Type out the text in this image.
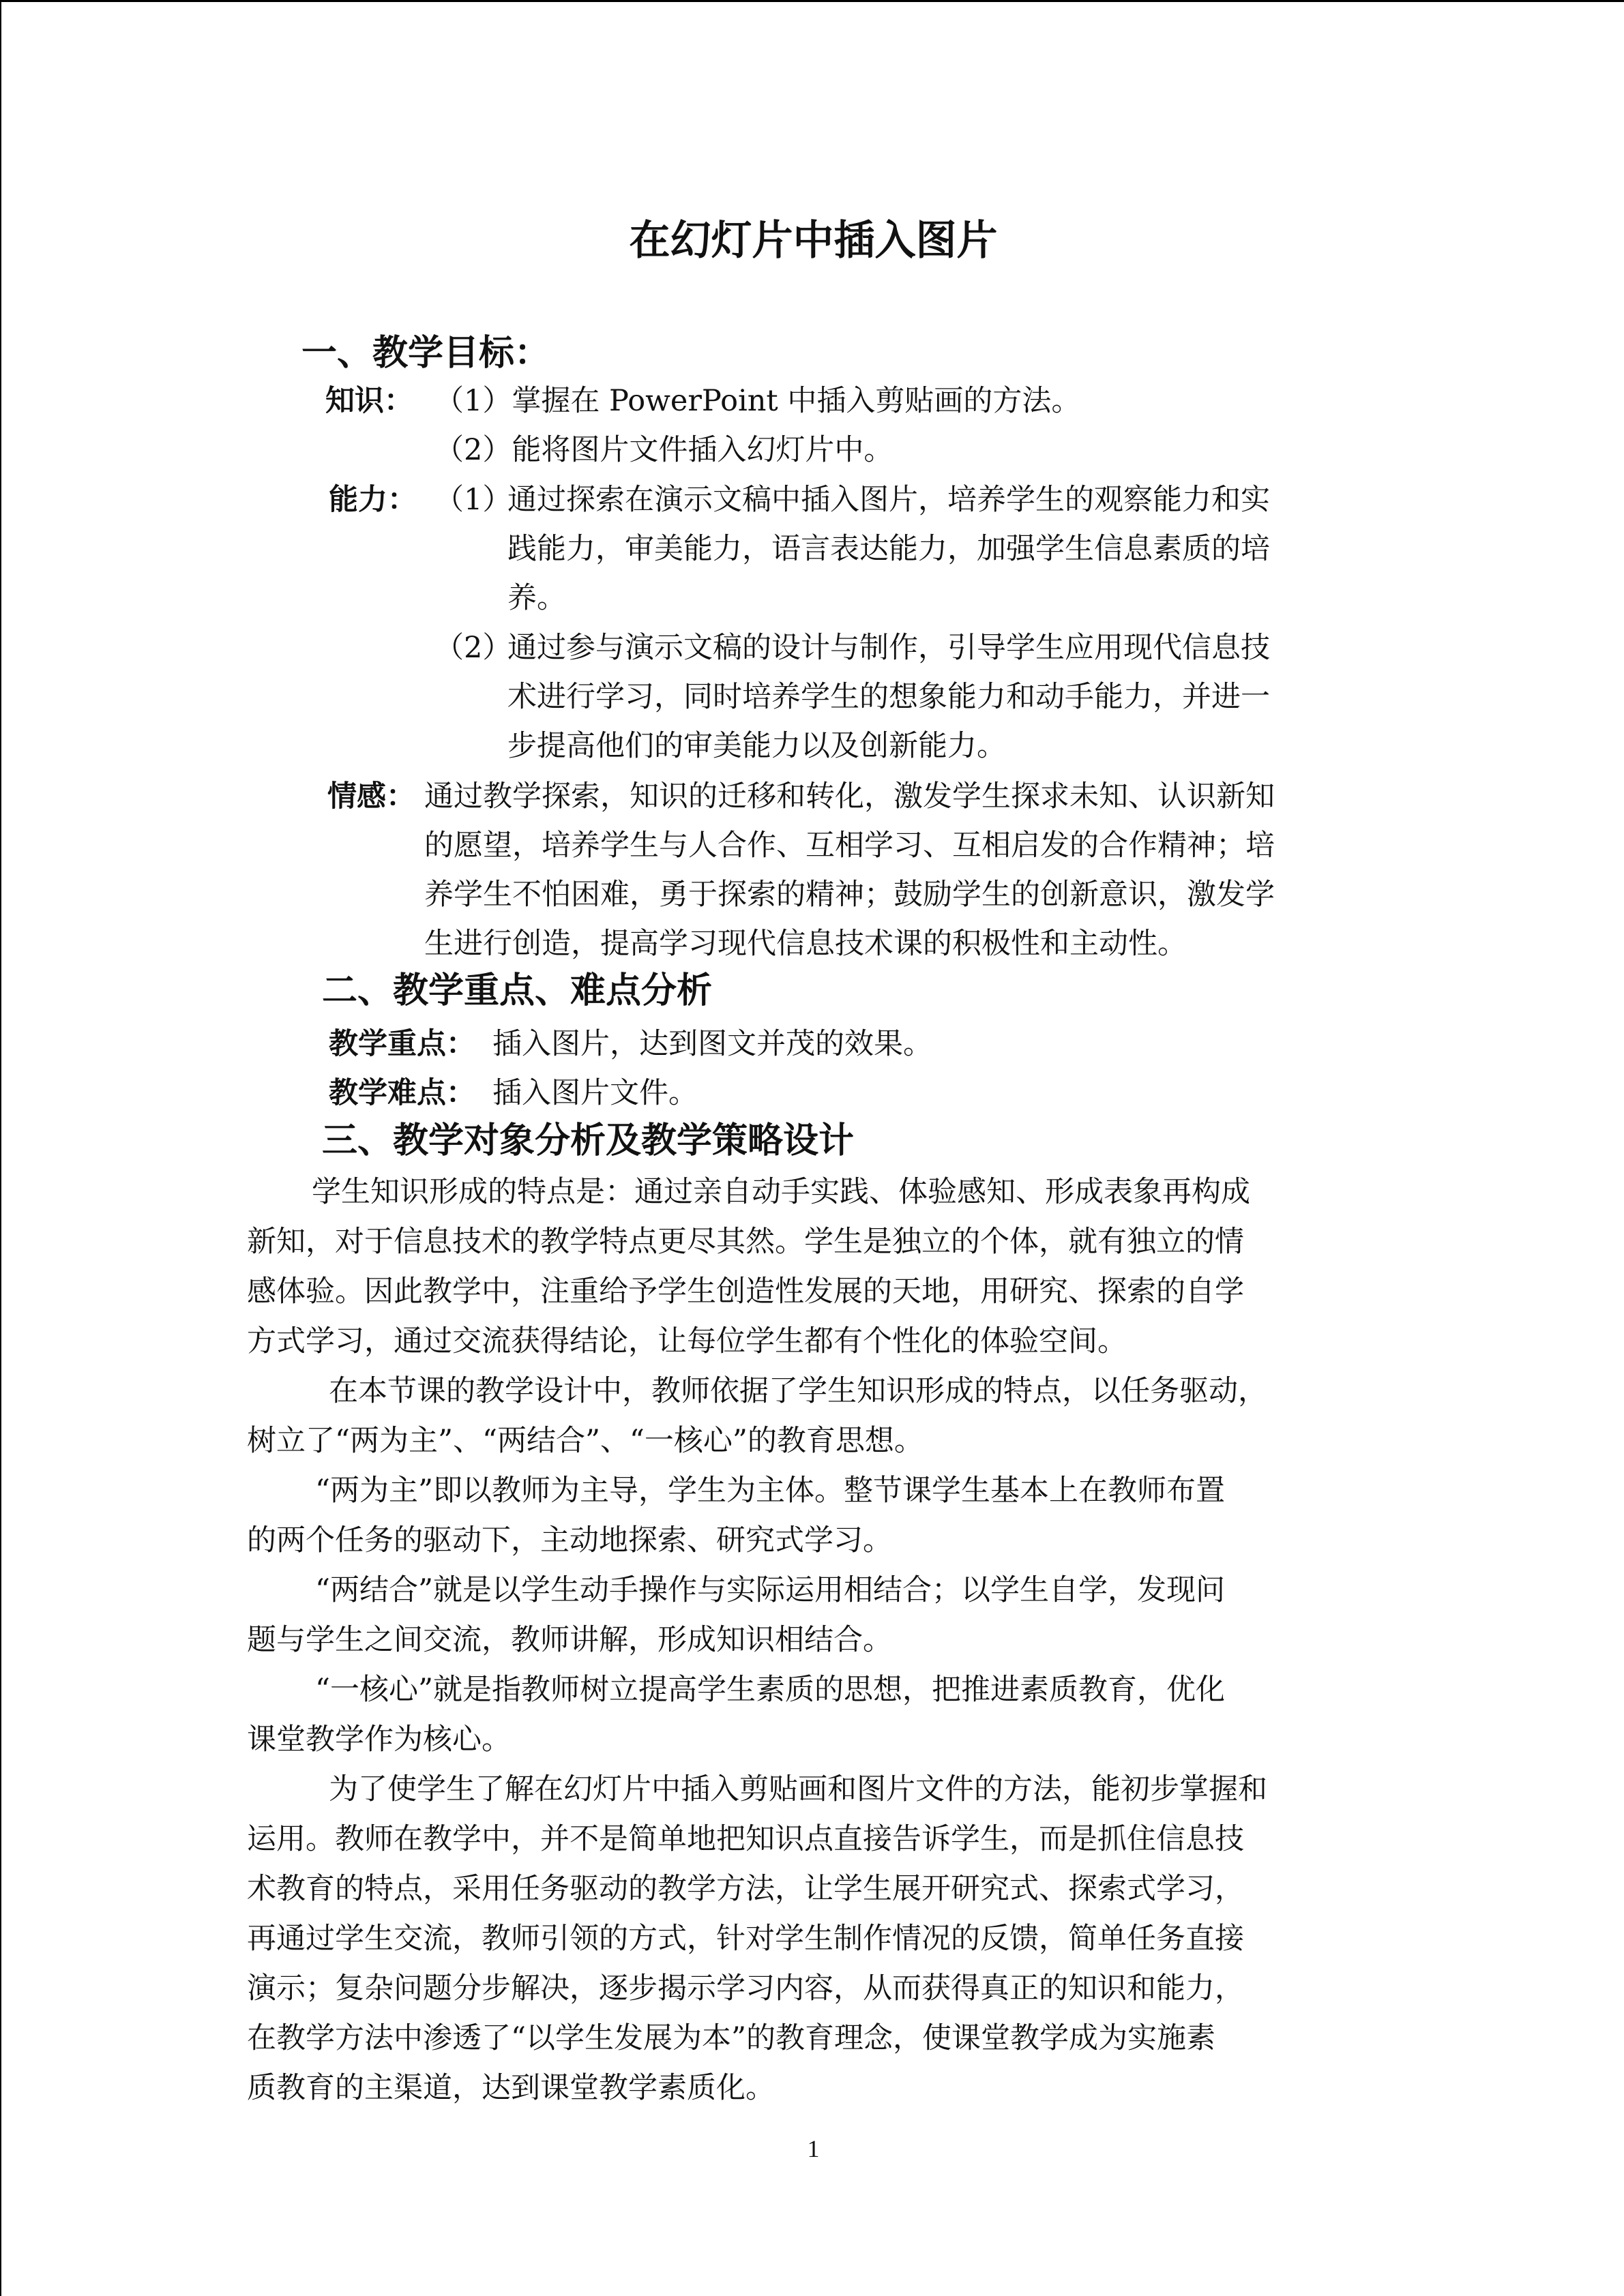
在幻灯片中插入图片
一、教学目标：
知识： （1）掌握在 PowerPoint 中插入剪贴画的方法。
（2）能将图片文件插入幻灯片中。
能力： （1）
通过探索在演示文稿中插入图片，培养学生的观察能力和实
践能力，审美能力，语言表达能力，加强学生信息素质的培
养。
（2）
通过参与演示文稿的设计与制作，引导学生应用现代信息技
术进行学习，同时培养学生的想象能力和动手能力，并进一
步提高他们的审美能力以及创新能力。
情感： 通过教学探索，知识的迁移和转化，激发学生探求未知、认识新知
的愿望，培养学生与人合作、互相学习、互相启发的合作精神；培
养学生不怕困难，勇于探索的精神；鼓励学生的创新意识，激发学
生进行创造，提高学习现代信息技术课的积极性和主动性。
二、教学重点、难点分析
教学重点： 插入图片，达到图文并茂的效果。
教学难点： 插入图片文件。
三、教学对象分析及教学策略设计
学生知识形成的特点是：通过亲自动手实践、体验感知、形成表象再构成
新知，对于信息技术的教学特点更尽其然。学生是独立的个体，就有独立的情
感体验。因此教学中，注重给予学生创造性发展的天地，用研究、探索的自学
方式学习，通过交流获得结论，让每位学生都有个性化的体验空间。
在本节课的教学设计中，教师依据了学生知识形成的特点，以任务驱动，
树立了“两为主”、“两结合”、“一核心”的教育思想。
“两为主”即以教师为主导，学生为主体。整节课学生基本上在教师布置
的两个任务的驱动下，主动地探索、研究式学习。
“两结合”就是以学生动手操作与实际运用相结合；以学生自学，发现问
题与学生之间交流，教师讲解，形成知识相结合。
“一核心”就是指教师树立提高学生素质的思想，把推进素质教育，优化
课堂教学作为核心。
为了使学生了解在幻灯片中插入剪贴画和图片文件的方法，能初步掌握和
运用。教师在教学中，并不是简单地把知识点直接告诉学生，而是抓住信息技
术教育的特点，采用任务驱动的教学方法，让学生展开研究式、探索式学习，
再通过学生交流，教师引领的方式，针对学生制作情况的反馈，简单任务直接
演示；复杂问题分步解决，逐步揭示学习内容，从而获得真正的知识和能力，
在教学方法中渗透了“以学生发展为本”的教育理念，使课堂教学成为实施素
质教育的主渠道，达到课堂教学素质化。
1
